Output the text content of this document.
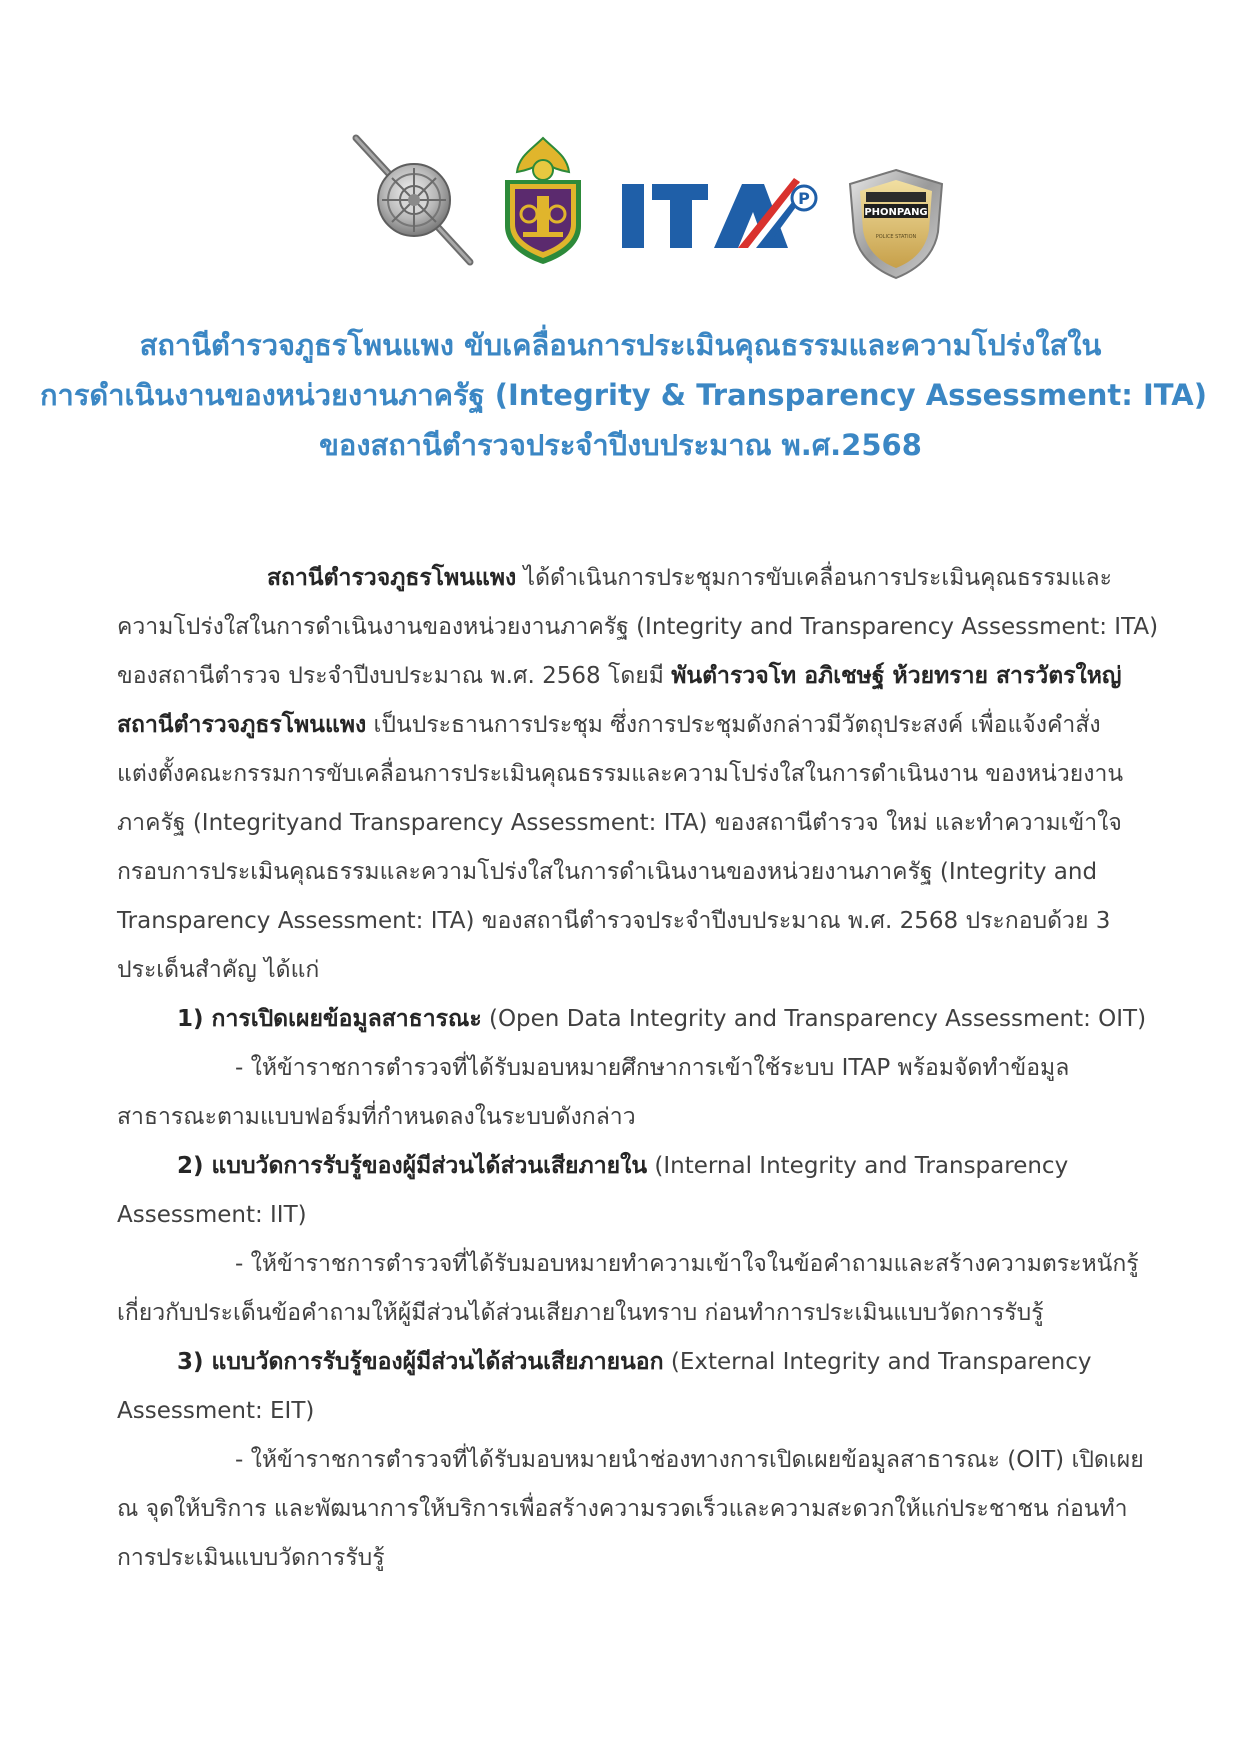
P
PHONPANG
POLICE STATION
สถานีตำรวจภูธรโพนแพง ขับเคลื่อนการประเมินคุณธรรมและความโปร่งใสใน
การดำเนินงานของหน่วยงานภาครัฐ (Integrity & Transparency Assessment: ITA)
ของสถานีตำรวจประจำปีงบประมาณ พ.ศ.2568
สถานีตำรวจภูธรโพนแพง ได้ดำเนินการประชุมการขับเคลื่อนการประเมินคุณธรรมและ
ความโปร่งใสในการดำเนินงานของหน่วยงานภาครัฐ (Integrity and Transparency Assessment: ITA)
ของสถานีตำรวจ ประจำปีงบประมาณ พ.ศ. 2568 โดยมี พันตำรวจโท อภิเชษฐ์ ห้วยทราย สารวัตรใหญ่
สถานีตำรวจภูธรโพนแพง เป็นประธานการประชุม ซึ่งการประชุมดังกล่าวมีวัตถุประสงค์ เพื่อแจ้งคำสั่ง
แต่งตั้งคณะกรรมการขับเคลื่อนการประเมินคุณธรรมและความโปร่งใสในการดำเนินงาน ของหน่วยงาน
ภาครัฐ (Integrityand Transparency Assessment: ITA) ของสถานีตำรวจ ใหม่ และทำความเข้าใจ
กรอบการประเมินคุณธรรมและความโปร่งใสในการดำเนินงานของหน่วยงานภาครัฐ (Integrity and
Transparency Assessment: ITA) ของสถานีตำรวจประจำปีงบประมาณ พ.ศ. 2568 ประกอบด้วย 3
ประเด็นสำคัญ ได้แก่
1) การเปิดเผยข้อมูลสาธารณะ (Open Data Integrity and Transparency Assessment: OIT)
- ให้ข้าราชการตำรวจที่ได้รับมอบหมายศึกษาการเข้าใช้ระบบ ITAP พร้อมจัดทำข้อมูล
สาธารณะตามแบบฟอร์มที่กำหนดลงในระบบดังกล่าว
2) แบบวัดการรับรู้ของผู้มีส่วนได้ส่วนเสียภายใน (Internal Integrity and Transparency
Assessment: IIT)
- ให้ข้าราชการตำรวจที่ได้รับมอบหมายทำความเข้าใจในข้อคำถามและสร้างความตระหนักรู้
เกี่ยวกับประเด็นข้อคำถามให้ผู้มีส่วนได้ส่วนเสียภายในทราบ ก่อนทำการประเมินแบบวัดการรับรู้
3) แบบวัดการรับรู้ของผู้มีส่วนได้ส่วนเสียภายนอก (External Integrity and Transparency
Assessment: EIT)
- ให้ข้าราชการตำรวจที่ได้รับมอบหมายนำช่องทางการเปิดเผยข้อมูลสาธารณะ (OIT) เปิดเผย
ณ จุดให้บริการ และพัฒนาการให้บริการเพื่อสร้างความรวดเร็วและความสะดวกให้แก่ประชาชน ก่อนทำ
การประเมินแบบวัดการรับรู้
